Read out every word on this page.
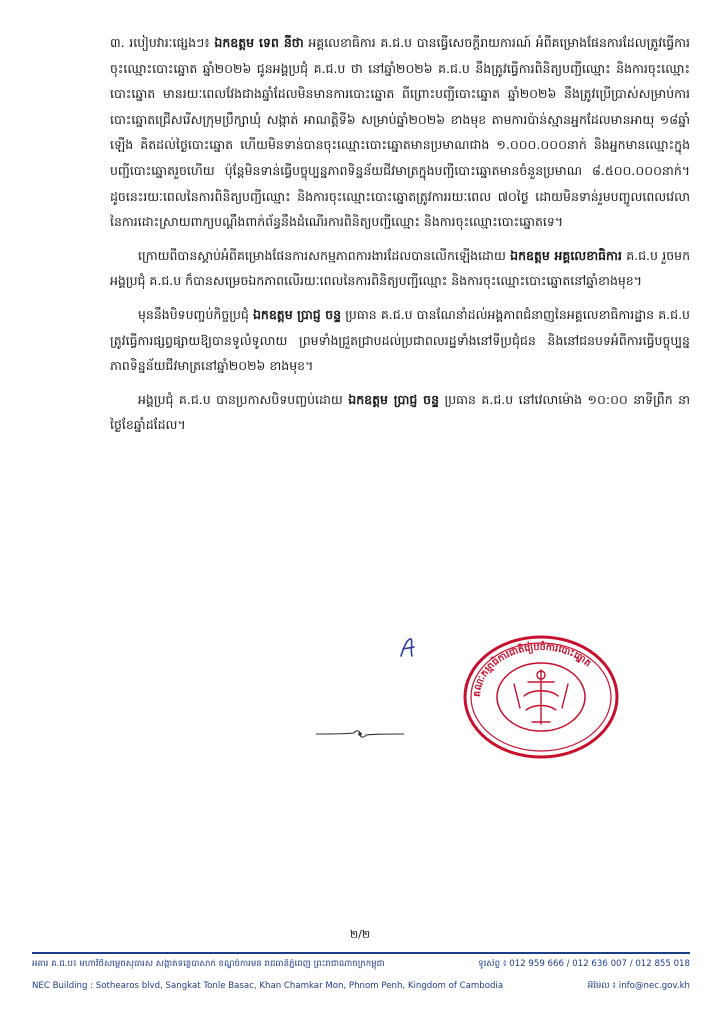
៣. របៀបវារៈផ្សេងៗ៖ ឯកឧត្តម ទេព នីថា អគ្គលេខាធិការ គ.ជ.ប បានធ្វើសេចក្តីរាយការណ៍ អំពីគម្រោងផែនការដែលត្រូវធ្វើការចុះឈ្មោះបោះឆ្នោត ឆ្នាំ២០២៦ ជូនអង្គប្រជុំ គ.ជ.ប ថា នៅឆ្នាំ២០២៦ គ.ជ.ប នឹងត្រូវធ្វើការពិនិត្យបញ្ជីឈ្មោះ និងការចុះឈ្មោះបោះឆ្នោត មានរយៈពេលវែងជាងឆ្នាំដែលមិនមានការបោះឆ្នោត ពីព្រោះបញ្ជីបោះឆ្នោត ឆ្នាំ២០២៦ នឹងត្រូវប្រើប្រាស់សម្រាប់ការបោះឆ្នោតជ្រើសរើសក្រុមប្រឹក្សាឃុំ សង្កាត់ អាណត្តិទី៦ សម្រាប់ឆ្នាំ២០២៦ ខាងមុខ តាមការប៉ាន់ស្មានអ្នកដែលមានអាយុ ១៨ឆ្នាំឡើង គិតដល់ថ្ងៃបោះឆ្នោត ហើយមិនទាន់បានចុះឈ្មោះបោះឆ្នោតមានប្រមាណជាង ១.០០០.០០០នាក់ និងអ្នកមានឈ្មោះក្នុងបញ្ជីបោះឆ្នោតរួចហើយ ប៉ុន្តែមិនទាន់ធ្វើបច្ចុប្បន្នភាពទិន្នន័យជីវមាត្រក្នុងបញ្ជីបោះឆ្នោតមានចំនួនប្រមាណ ៨.៥០០.០០០នាក់។ ដូចនេះរយៈពេលនៃការពិនិត្យបញ្ជីឈ្មោះ និងការចុះឈ្មោះបោះឆ្នោតត្រូវការរយៈពេល ៧០ថ្ងៃ ដោយមិនទាន់រួមបញ្ចូលពេលវេលានៃការដោះស្រាយពាក្យបណ្តឹងពាក់ព័ន្ធនឹងដំណើរការពិនិត្យបញ្ជីឈ្មោះ និងការចុះឈ្មោះបោះឆ្នោតទេ។

ក្រោយពីបានស្តាប់អំពីគម្រោងផែនការសកម្មភាពការងារដែលបានលើកឡើងដោយ ឯកឧត្តម អគ្គលេខាធិការ គ.ជ.ប រួចមក អង្គប្រជុំ គ.ជ.ប ក៏បានសម្រេចឯកភាពលើរយៈពេលនៃការពិនិត្យបញ្ជីឈ្មោះ និងការចុះឈ្មោះបោះឆ្នោតនៅឆ្នាំខាងមុខ។

មុននឹងបិទបញ្ចប់កិច្ចប្រជុំ ឯកឧត្តម ប្រាជ្ញ ចន្ទ ប្រធាន គ.ជ.ប បានណែនាំដល់អង្គភាពជំនាញនៃអគ្គលេខាធិការដ្ឋាន គ.ជ.ប ត្រូវធ្វើការផ្សព្វផ្សាយឱ្យបានទូលំទូលាយ ព្រមទាំងជ្រួតជ្រាបដល់ប្រជាពលរដ្ឋទាំងនៅទីប្រជុំជន និងនៅជនបទអំពីការធ្វើបច្ចុប្បន្នភាពទិន្នន័យជីវមាត្រនៅឆ្នាំ២០២៦ ខាងមុខ។

អង្គប្រជុំ គ.ជ.ប បានប្រកាសបិទបញ្ចប់ដោយ ឯកឧត្តម ប្រាជ្ញ ចន្ទ ប្រធាន គ.ជ.ប នៅវេលាម៉ោង ១០:០០ នាទីព្រឹក នាថ្ងៃខែឆ្នាំដដែល។

គណៈកម្មាធិការជាតិរៀបចំការបោះឆ្នោត
២/២
អគារ គ.ជ.ប៖ មហាវិថីសម្តេចសុធារស សង្កាត់ទន្លេបាសាក់ ខណ្ឌចំការមន រាជធានីភ្នំពេញ ព្រះរាជាណាចក្រកម្ពុជា	ទូរស័ព្ទ ៖ 012 959 666 / 012 636 007 / 012 855 018
NEC Building : Sothearos blvd, Sangkat Tonle Basac, Khan Chamkar Mon, Phnom Penh, Kingdom of Cambodia	អ៊ីម៉ែល ៖ info@nec.gov.kh
